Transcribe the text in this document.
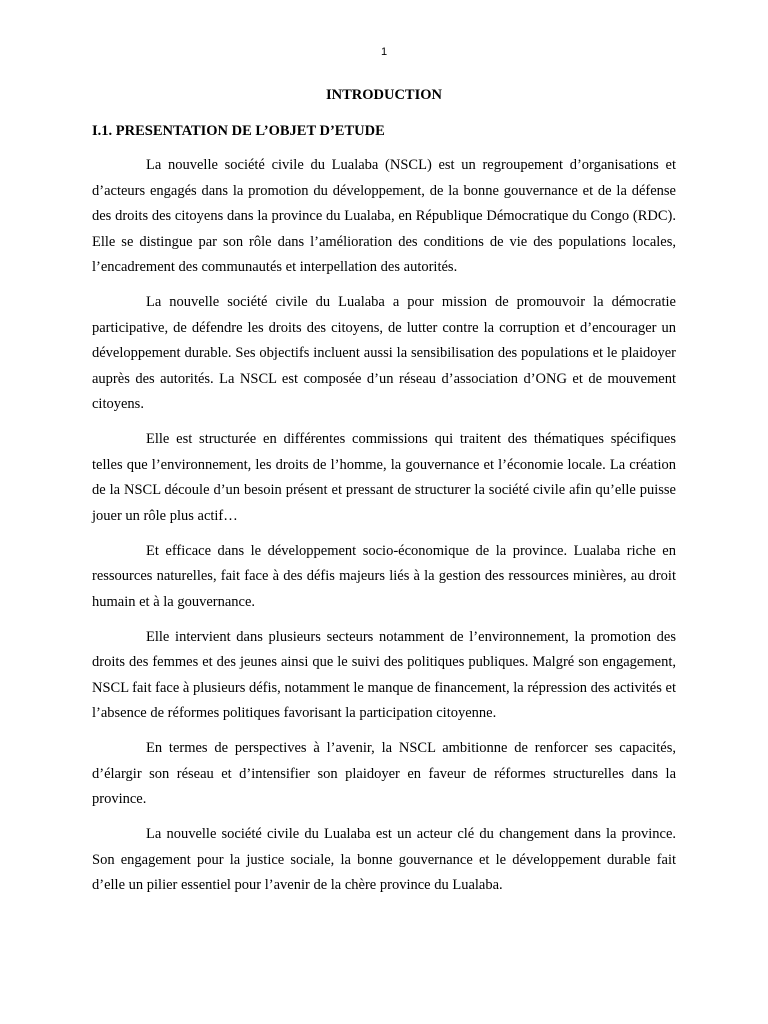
1
INTRODUCTION
I.1. PRESENTATION DE L’OBJET D’ETUDE

La nouvelle société civile du Lualaba (NSCL) est un regroupement d’organisations et d’acteurs engagés dans la promotion du développement, de la bonne gouvernance et de la défense des droits des citoyens dans la province du Lualaba, en République Démocratique du Congo (RDC). Elle se distingue par son rôle dans l’amélioration des conditions de vie des populations locales, l’encadrement des communautés et interpellation des autorités.

La nouvelle société civile du Lualaba a pour mission de promouvoir la démocratie participative, de défendre les droits des citoyens, de lutter contre la corruption et d’encourager un développement durable. Ses objectifs incluent aussi la sensibilisation des populations et le plaidoyer auprès des autorités. La NSCL est composée d’un réseau d’association d’ONG et de mouvement citoyens.

Elle est structurée en différentes commissions qui traitent des thématiques spécifiques telles que l’environnement, les droits de l’homme, la gouvernance et l’économie locale. La création de la NSCL découle d’un besoin présent et pressant de structurer la société civile afin qu’elle puisse jouer un rôle plus actif…

Et efficace dans le développement socio-économique de la province. Lualaba riche en ressources naturelles, fait face à des défis majeurs liés à la gestion des ressources minières, au droit humain et à la gouvernance.

Elle intervient dans plusieurs secteurs notamment de l’environnement, la promotion des droits des femmes et des jeunes ainsi que le suivi des politiques publiques. Malgré son engagement, NSCL fait face à plusieurs défis, notamment le manque de financement, la répression des activités et l’absence de réformes politiques favorisant la participation citoyenne.

En termes de perspectives à l’avenir, la NSCL ambitionne de renforcer ses capacités, d’élargir son réseau et d’intensifier son plaidoyer en faveur de réformes structurelles dans la province.

La nouvelle société civile du Lualaba est un acteur clé du changement dans la province. Son engagement pour la justice sociale, la bonne gouvernance et le développement durable fait d’elle un pilier essentiel pour l’avenir de la chère province du Lualaba.
